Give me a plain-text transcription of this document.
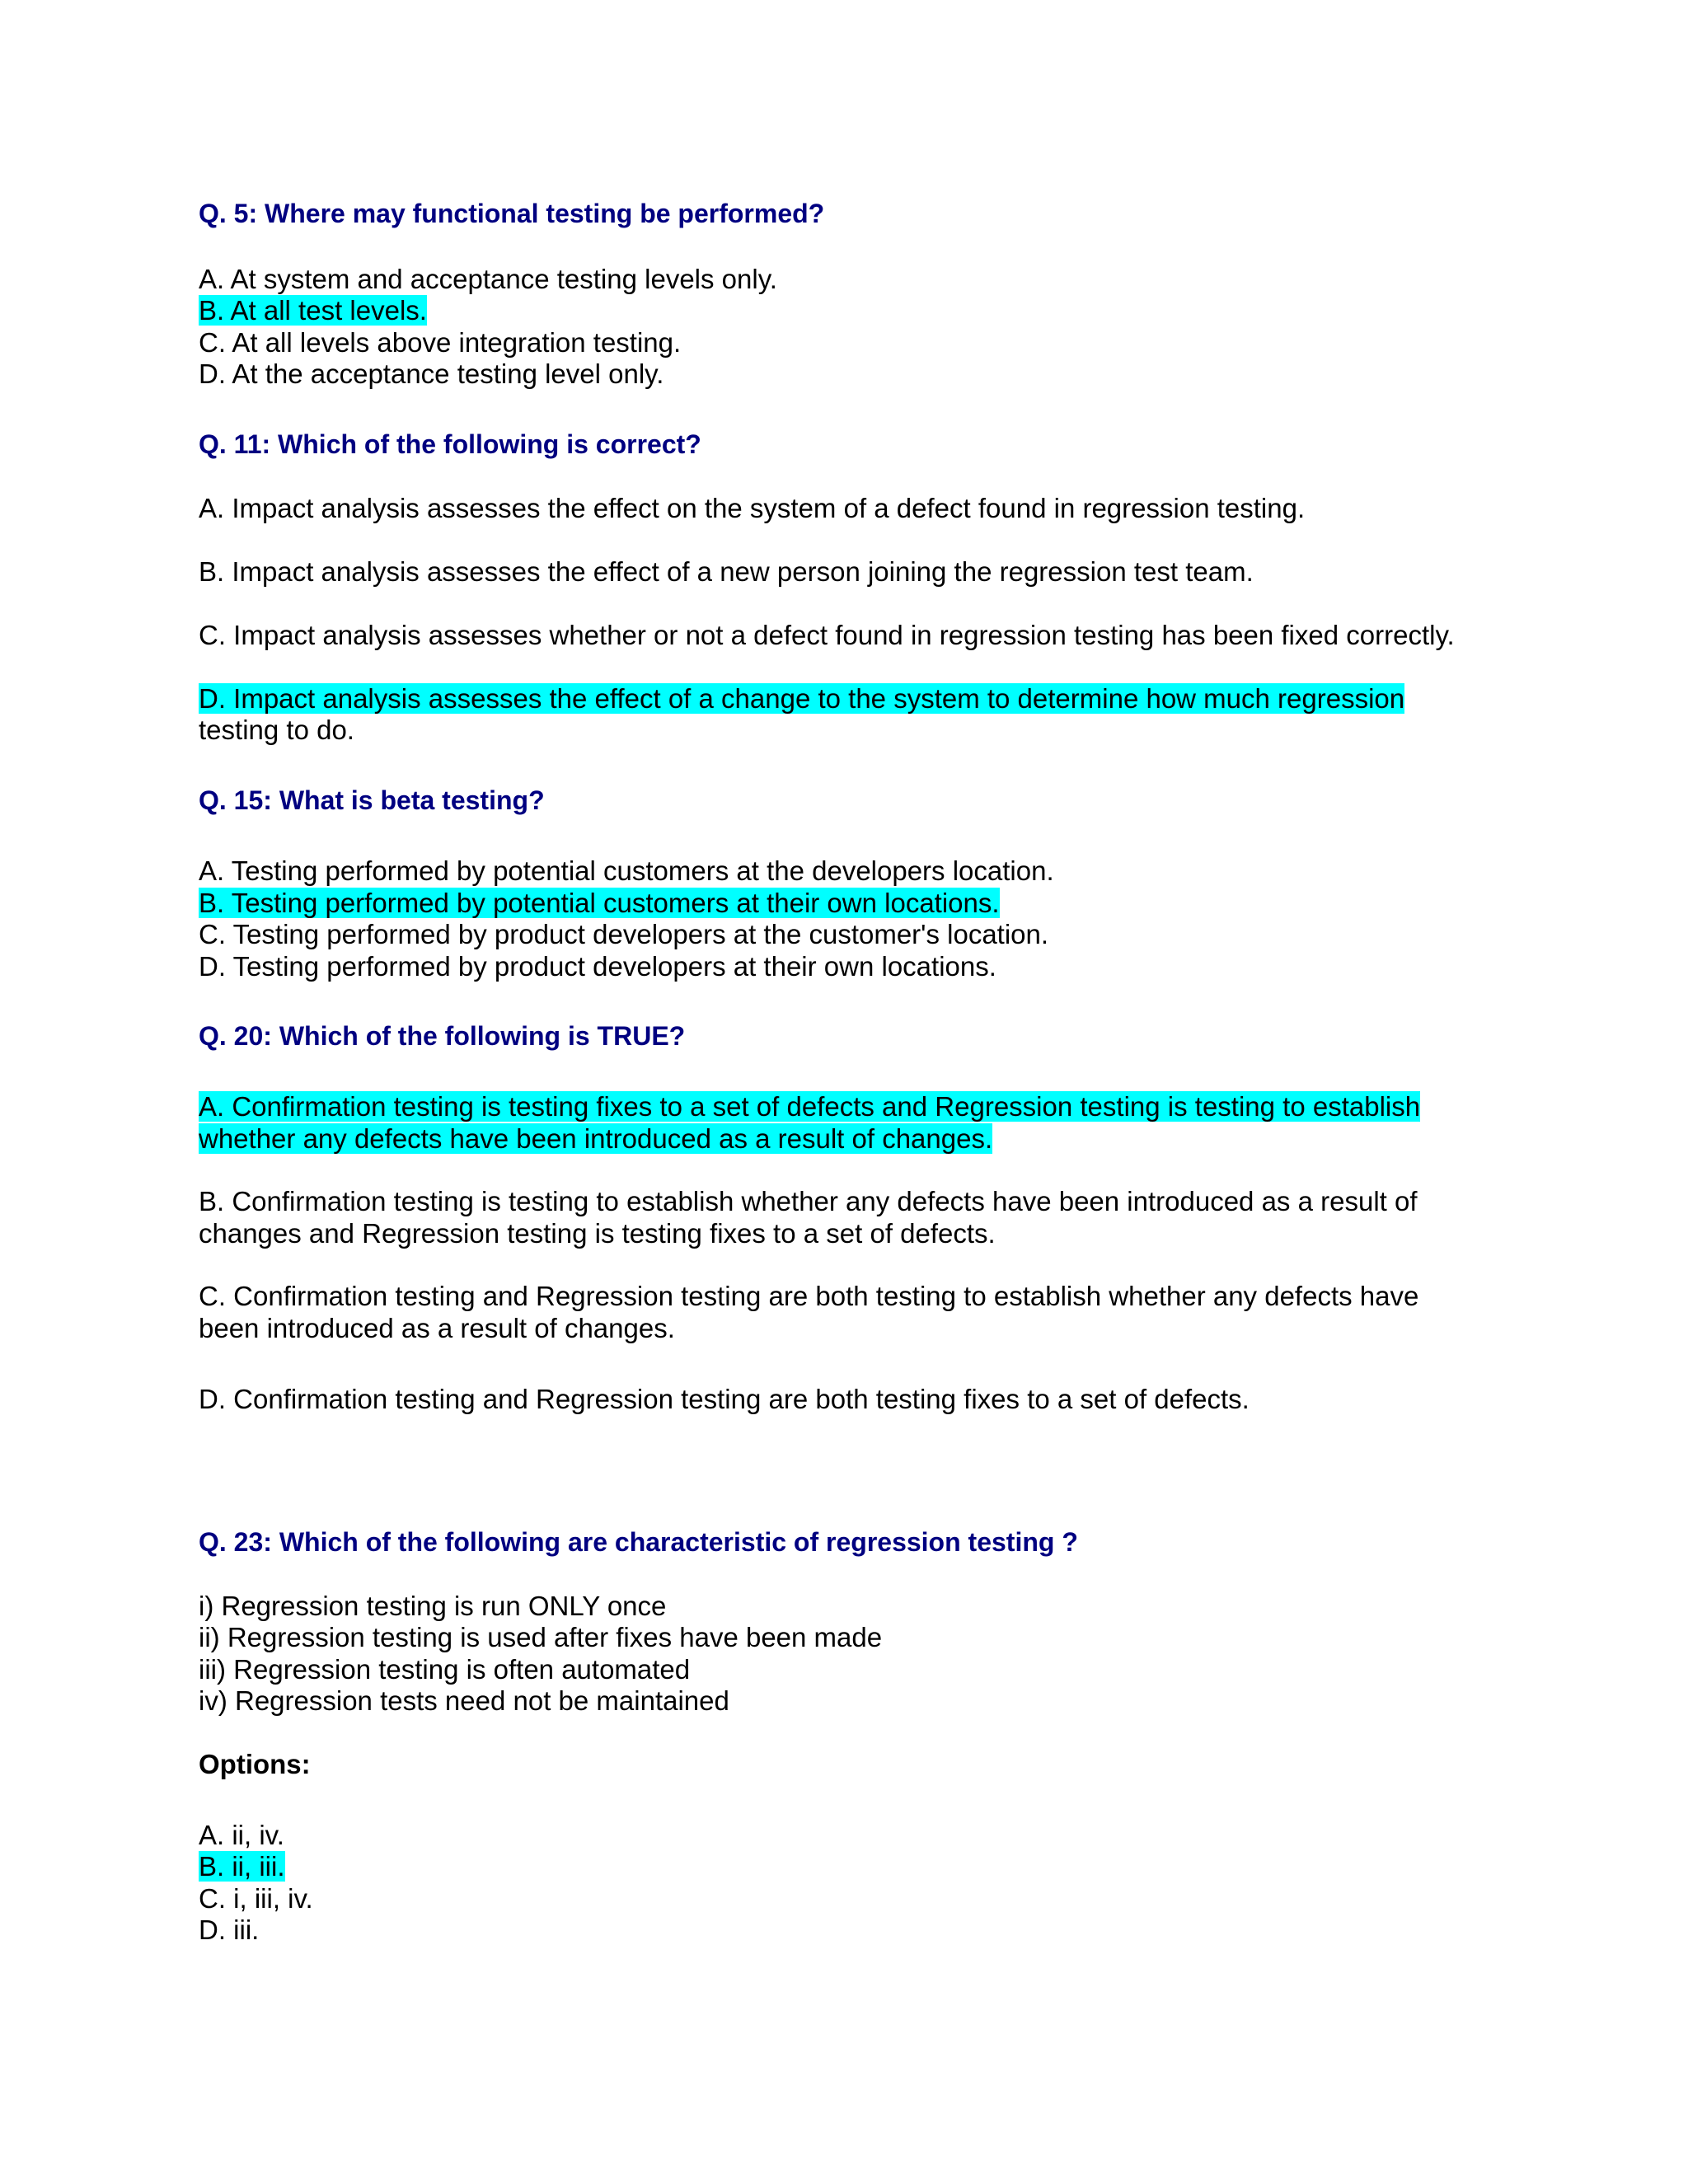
Q. 5: Where may functional testing be performed?

A. At system and acceptance testing levels only.

B. At all test levels.

C. At all levels above integration testing.

D. At the acceptance testing level only.

Q. 11: Which of the following is correct?

A. Impact analysis assesses the effect on the system of a defect found in regression testing.

B. Impact analysis assesses the effect of a new person joining the regression test team.

C. Impact analysis assesses whether or not a defect found in regression testing has been fixed correctly.

D. Impact analysis assesses the effect of a change to the system to determine how much regression

testing to do.

Q. 15: What is beta testing?

A. Testing performed by potential customers at the developers location.

B. Testing performed by potential customers at their own locations.

C. Testing performed by product developers at the customer's location.

D. Testing performed by product developers at their own locations.

Q. 20: Which of the following is TRUE?

A. Confirmation testing is testing fixes to a set of defects and Regression testing is testing to establish

whether any defects have been introduced as a result of changes.

B. Confirmation testing is testing to establish whether any defects have been introduced as a result of

changes and Regression testing is testing fixes to a set of defects.

C. Confirmation testing and Regression testing are both testing to establish whether any defects have

been introduced as a result of changes.

D. Confirmation testing and Regression testing are both testing fixes to a set of defects.

Q. 23: Which of the following are characteristic of regression testing ?

i) Regression testing is run ONLY once

ii) Regression testing is used after fixes have been made

iii) Regression testing is often automated

iv) Regression tests need not be maintained

Options:

A. ii, iv.

B. ii, iii.

C. i, iii, iv.

D. iii.
